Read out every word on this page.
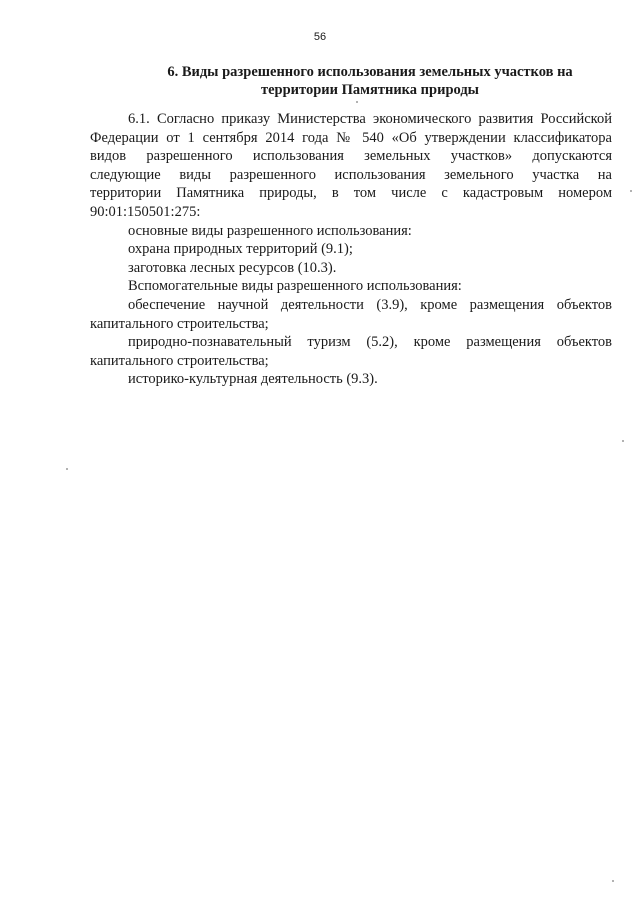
56
6. Виды разрешенного использования земельных участков на
территории Памятника природы
6.1. Согласно приказу Министерства экономического развития Российской
Федерации от 1 сентября 2014 года № 540 «Об утверждении классификатора
видов разрешенного использования земельных участков» допускаются
следующие виды разрешенного использования земельного участка на
территории Памятника природы, в том числе с кадастровым номером
90:01:150501:275:
основные виды разрешенного использования:
охрана природных территорий (9.1);
заготовка лесных ресурсов (10.3).
Вспомогательные виды разрешенного использования:
обеспечение научной деятельности (3.9), кроме размещения объектов
капитального строительства;
природно-познавательный туризм (5.2), кроме размещения объектов
капитального строительства;
историко-культурная деятельность (9.3).
